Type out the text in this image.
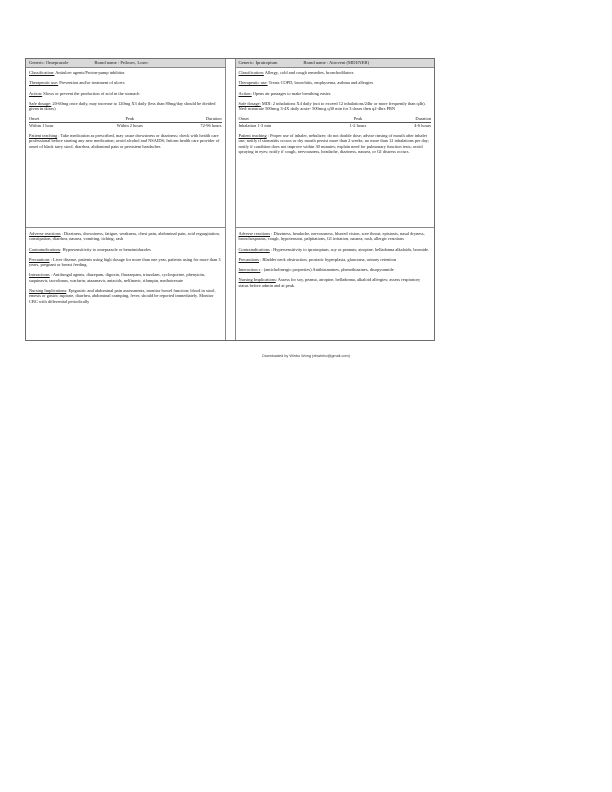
Generic: Omeprazole	Brand name : Prilosec, Losec

Classification: Antiulcer agents/Proton-pump inhibitor

Therapeutic use: Prevention and/or treatment of ulcers

Action: Slows or prevent the production of acid in the stomach

Safe dosage: 20-60mg once daily, may increase to 120mg X3 daily (less than 80mg/day should be divided given in doses)

Onset	Peak	Duration
Within 1 hour	Within 2 hours	72-96 hours

Patient teaching : Take medication as prescribed, may cause drowsiness or dizziness; check with health care professional before starting any new medication; avoid alcohol and NSAIDS; Inform health care provider of onset of black tarry stool, diarrhea, abdominal pain or persistent headaches

Adverse reactions : Dizziness, drowsiness, fatigue, weakness, chest pain, abdominal pain, acid regurgitation, constipation, diarrhea, nausea, vomiting, itching, rash

Contraindications: Hypersensitivity to omeprazole or benzimidazoles

Precautions : Liver disease, patients using high dosage for more than one year, patients using for more than 3 years, pregnant or breast feeding.

Interactions : Antifungal agents, diazepam, digoxin, flurazepam, triazolam, cyclosporine, phenytoin, saquinavir, tacrolimus, warfarin, atazanavir, antacids, nelfinavir, rifampin, methotrexate

Nursing Implications: Epigastric and abdominal pain assessments, monitor bowel function; blood in stool, emesis or gastric aspirate, diarrhea, abdominal cramping, fever, should be reported immediately. Monitor CBC with differential periodically

Generic: Ipratropium	Brand name : Atrovent (MDI/NEB)

Classification: Allergy, cold and cough remedies, bronchodilators

Therapeutic use: Treats COPD, bronchitis, emphysema, asthma and allergies

Action: Opens air passages to make breathing easier.

Safe dosage: MDI: 2 inhalations X4 daily (not to exceed 12 inhalations/24hr or more frequently than q4h). Ned: nonacute 500mcg 3-4X daily acute- 500mcg q30 min for 3 doses then q2-4hrs PRN

Onset	Peak	Duration
Inhalation 1-3 min	1-2 hours	4-6 hours

Patient teaching : Proper use of inhaler, nebulizer; do not double dose; advise rinsing of mouth after inhaler use; notify if stomatitis occurs or dry mouth persist more than 2 weeks; no more than 12 inhalations per day; notify if condition does not improve within 30 minutes; explain need for pulmonary function tests; avoid spraying in eyes; notify if cough, nervousness, headache, dizziness, nausea, or GI distress occurs.

Adverse reactions : Dizziness, headache, nervousness, blurred vision, sore throat, epistaxis, nasal dryness, bronchospasms, cough, hypotension, palpitations, GI irritation, nausea, rash, allergic reactions

Contraindications : Hypersensitivity to ipratropium, soy or peanuts; atropine, belladonna alkaloids, bromide.

Precautions : Bladder neck obstruction, prostatic hyperplasia, glaucoma, urinary retention

Interaction s : (anticholinergic properties) Antihistamines, phenothiazines, disopyramide

Nursing Implications: Assess for soy, peanut, atropine, belladonna, alkaloid allergies; assess respiratory status before admin and at peak.

Downloaded by Winbo Wong (ebwinbo@gmail.com)
